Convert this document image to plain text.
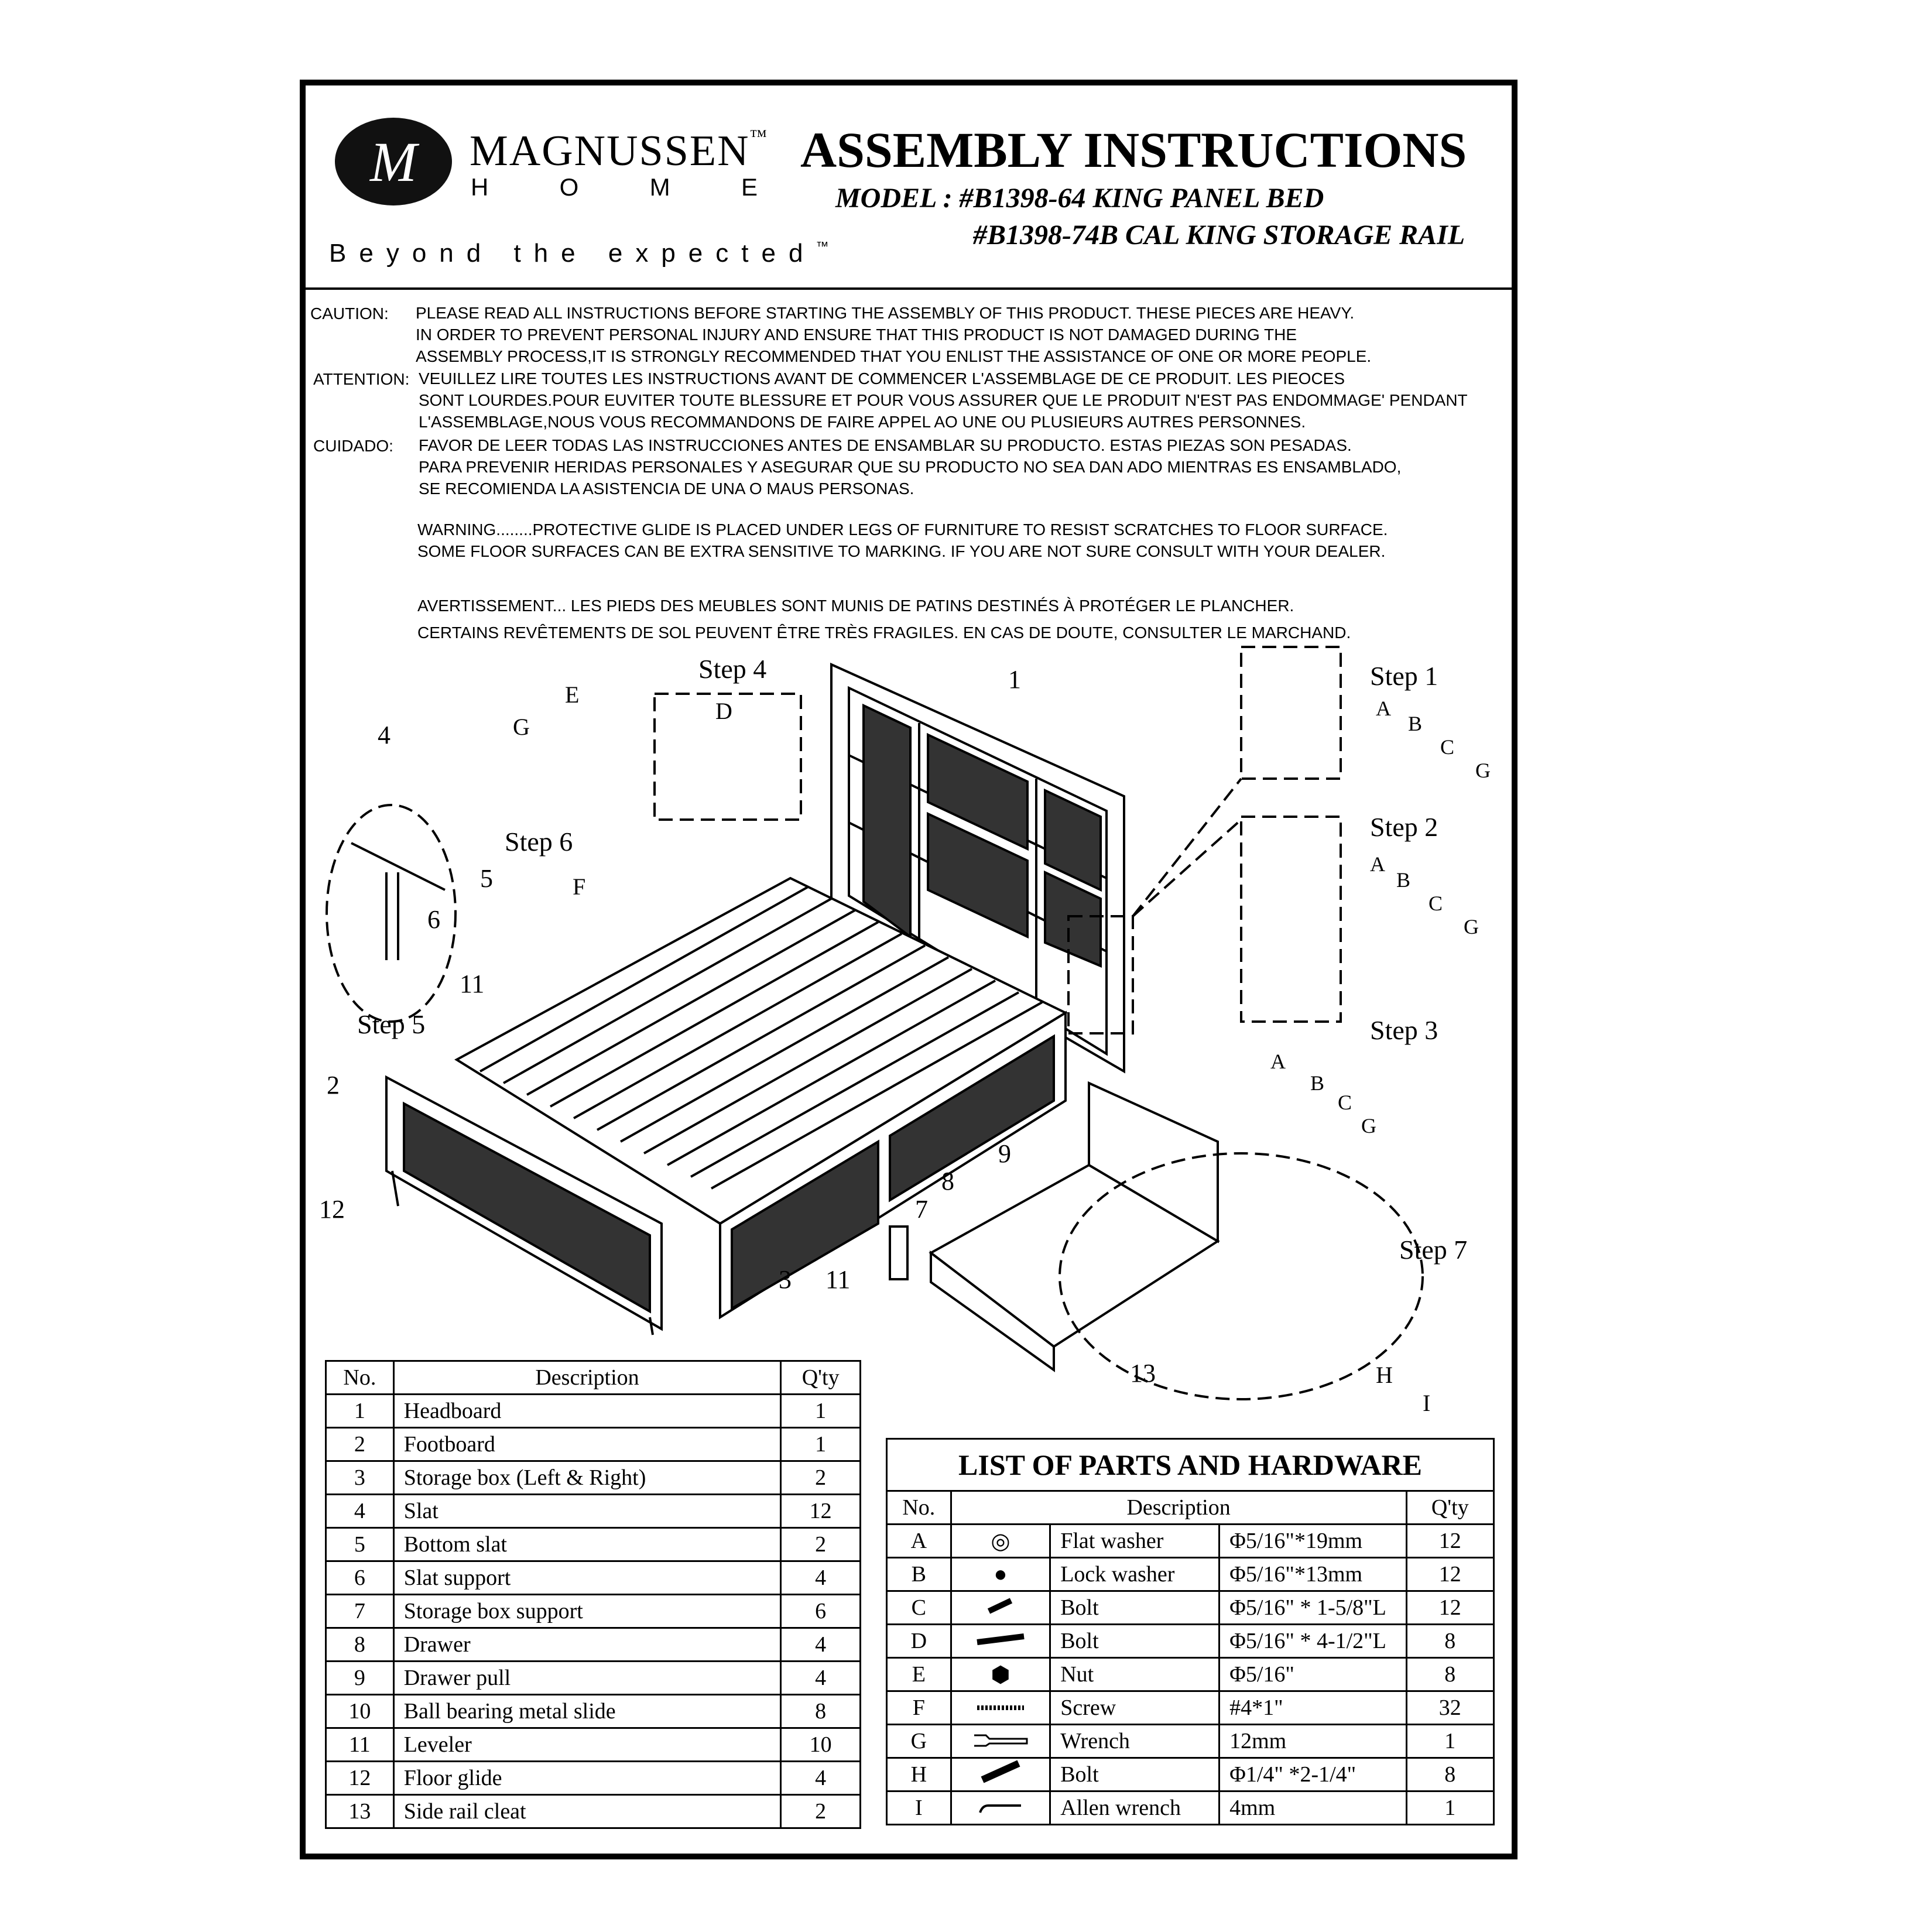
M	MAGNUSSEN™
H	O	M	E
Beyond the expected™
ASSEMBLY INSTRUCTIONS
MODEL : #B1398-64 KING PANEL BED
#B1398-74B CAL KING STORAGE RAIL
CAUTION: PLEASE READ ALL INSTRUCTIONS BEFORE STARTING THE ASSEMBLY OF THIS PRODUCT. THESE PIECES ARE HEAVY.
IN ORDER TO PREVENT PERSONAL INJURY AND ENSURE THAT THIS PRODUCT IS NOT DAMAGED DURING THE
ASSEMBLY PROCESS,IT IS STRONGLY RECOMMENDED THAT YOU ENLIST THE ASSISTANCE OF ONE OR MORE PEOPLE.
ATTENTION: VEUILLEZ LIRE TOUTES LES INSTRUCTIONS AVANT DE COMMENCER L'ASSEMBLAGE DE CE PRODUIT. LES PIEOCES
SONT LOURDES.POUR EUVITER TOUTE BLESSURE ET POUR VOUS ASSURER QUE LE PRODUIT N'EST PAS ENDOMMAGE' PENDANT
L'ASSEMBLAGE,NOUS VOUS RECOMMANDONS DE FAIRE APPEL AO UNE OU PLUSIEURS AUTRES PERSONNES.
CUIDADO: FAVOR DE LEER TODAS LAS INSTRUCCIONES ANTES DE ENSAMBLAR SU PRODUCTO. ESTAS PIEZAS SON PESADAS.
PARA PREVENIR HERIDAS PERSONALES Y ASEGURAR QUE SU PRODUCTO NO SEA DAN ADO MIENTRAS ES ENSAMBLADO,
SE RECOMIENDA LA ASISTENCIA DE UNA O MAUS PERSONAS.
WARNING........PROTECTIVE GLIDE IS PLACED UNDER LEGS OF FURNITURE TO RESIST SCRATCHES TO FLOOR SURFACE.
SOME FLOOR SURFACES CAN BE EXTRA SENSITIVE TO MARKING. IF YOU ARE NOT SURE CONSULT WITH YOUR DEALER.
AVERTISSEMENT... LES PIEDS DES MEUBLES SONT MUNIS DE PATINS DESTINÉS À PROTÉGER LE PLANCHER.
CERTAINS REVÊTEMENTS DE SOL PEUVENT ÊTRE TRÈS FRAGILES. EN CAS DE DOUTE, CONSULTER LE MARCHAND.
Step 1
Step 2
Step 3
Step 4
Step 5
Step 6
Step 7
1
2
3
4
5
6
7
8
9
11
11
12
13
A
B
C
G
A
B
C
G
A
B
C
G
E
G
D
F
H
I
No.	Description	Q'ty
1	Headboard	1
2	Footboard	1
3	Storage box (Left & Right)	2
4	Slat	12
5	Bottom slat	2
6	Slat support	4
7	Storage box support	6
8	Drawer	4
9	Drawer pull	4
10	Ball bearing metal slide	8
11	Leveler	10
12	Floor glide	4
13	Side rail cleat	2
LIST OF PARTS AND HARDWARE				
No.	Description			Q'ty
A	◎	Flat washer	Φ5/16"*19mm	12
B	●	Lock washer	Φ5/16"*13mm	12
C		Bolt	Φ5/16" * 1-5/8"L	12
D		Bolt	Φ5/16" * 4-1/2"L	8
E	⬢	Nut	Φ5/16"	8
F		Screw	#4*1"	32
G		Wrench	12mm	1
H		Bolt	Φ1/4" *2-1/4"	8
I		Allen wrench	4mm	1
